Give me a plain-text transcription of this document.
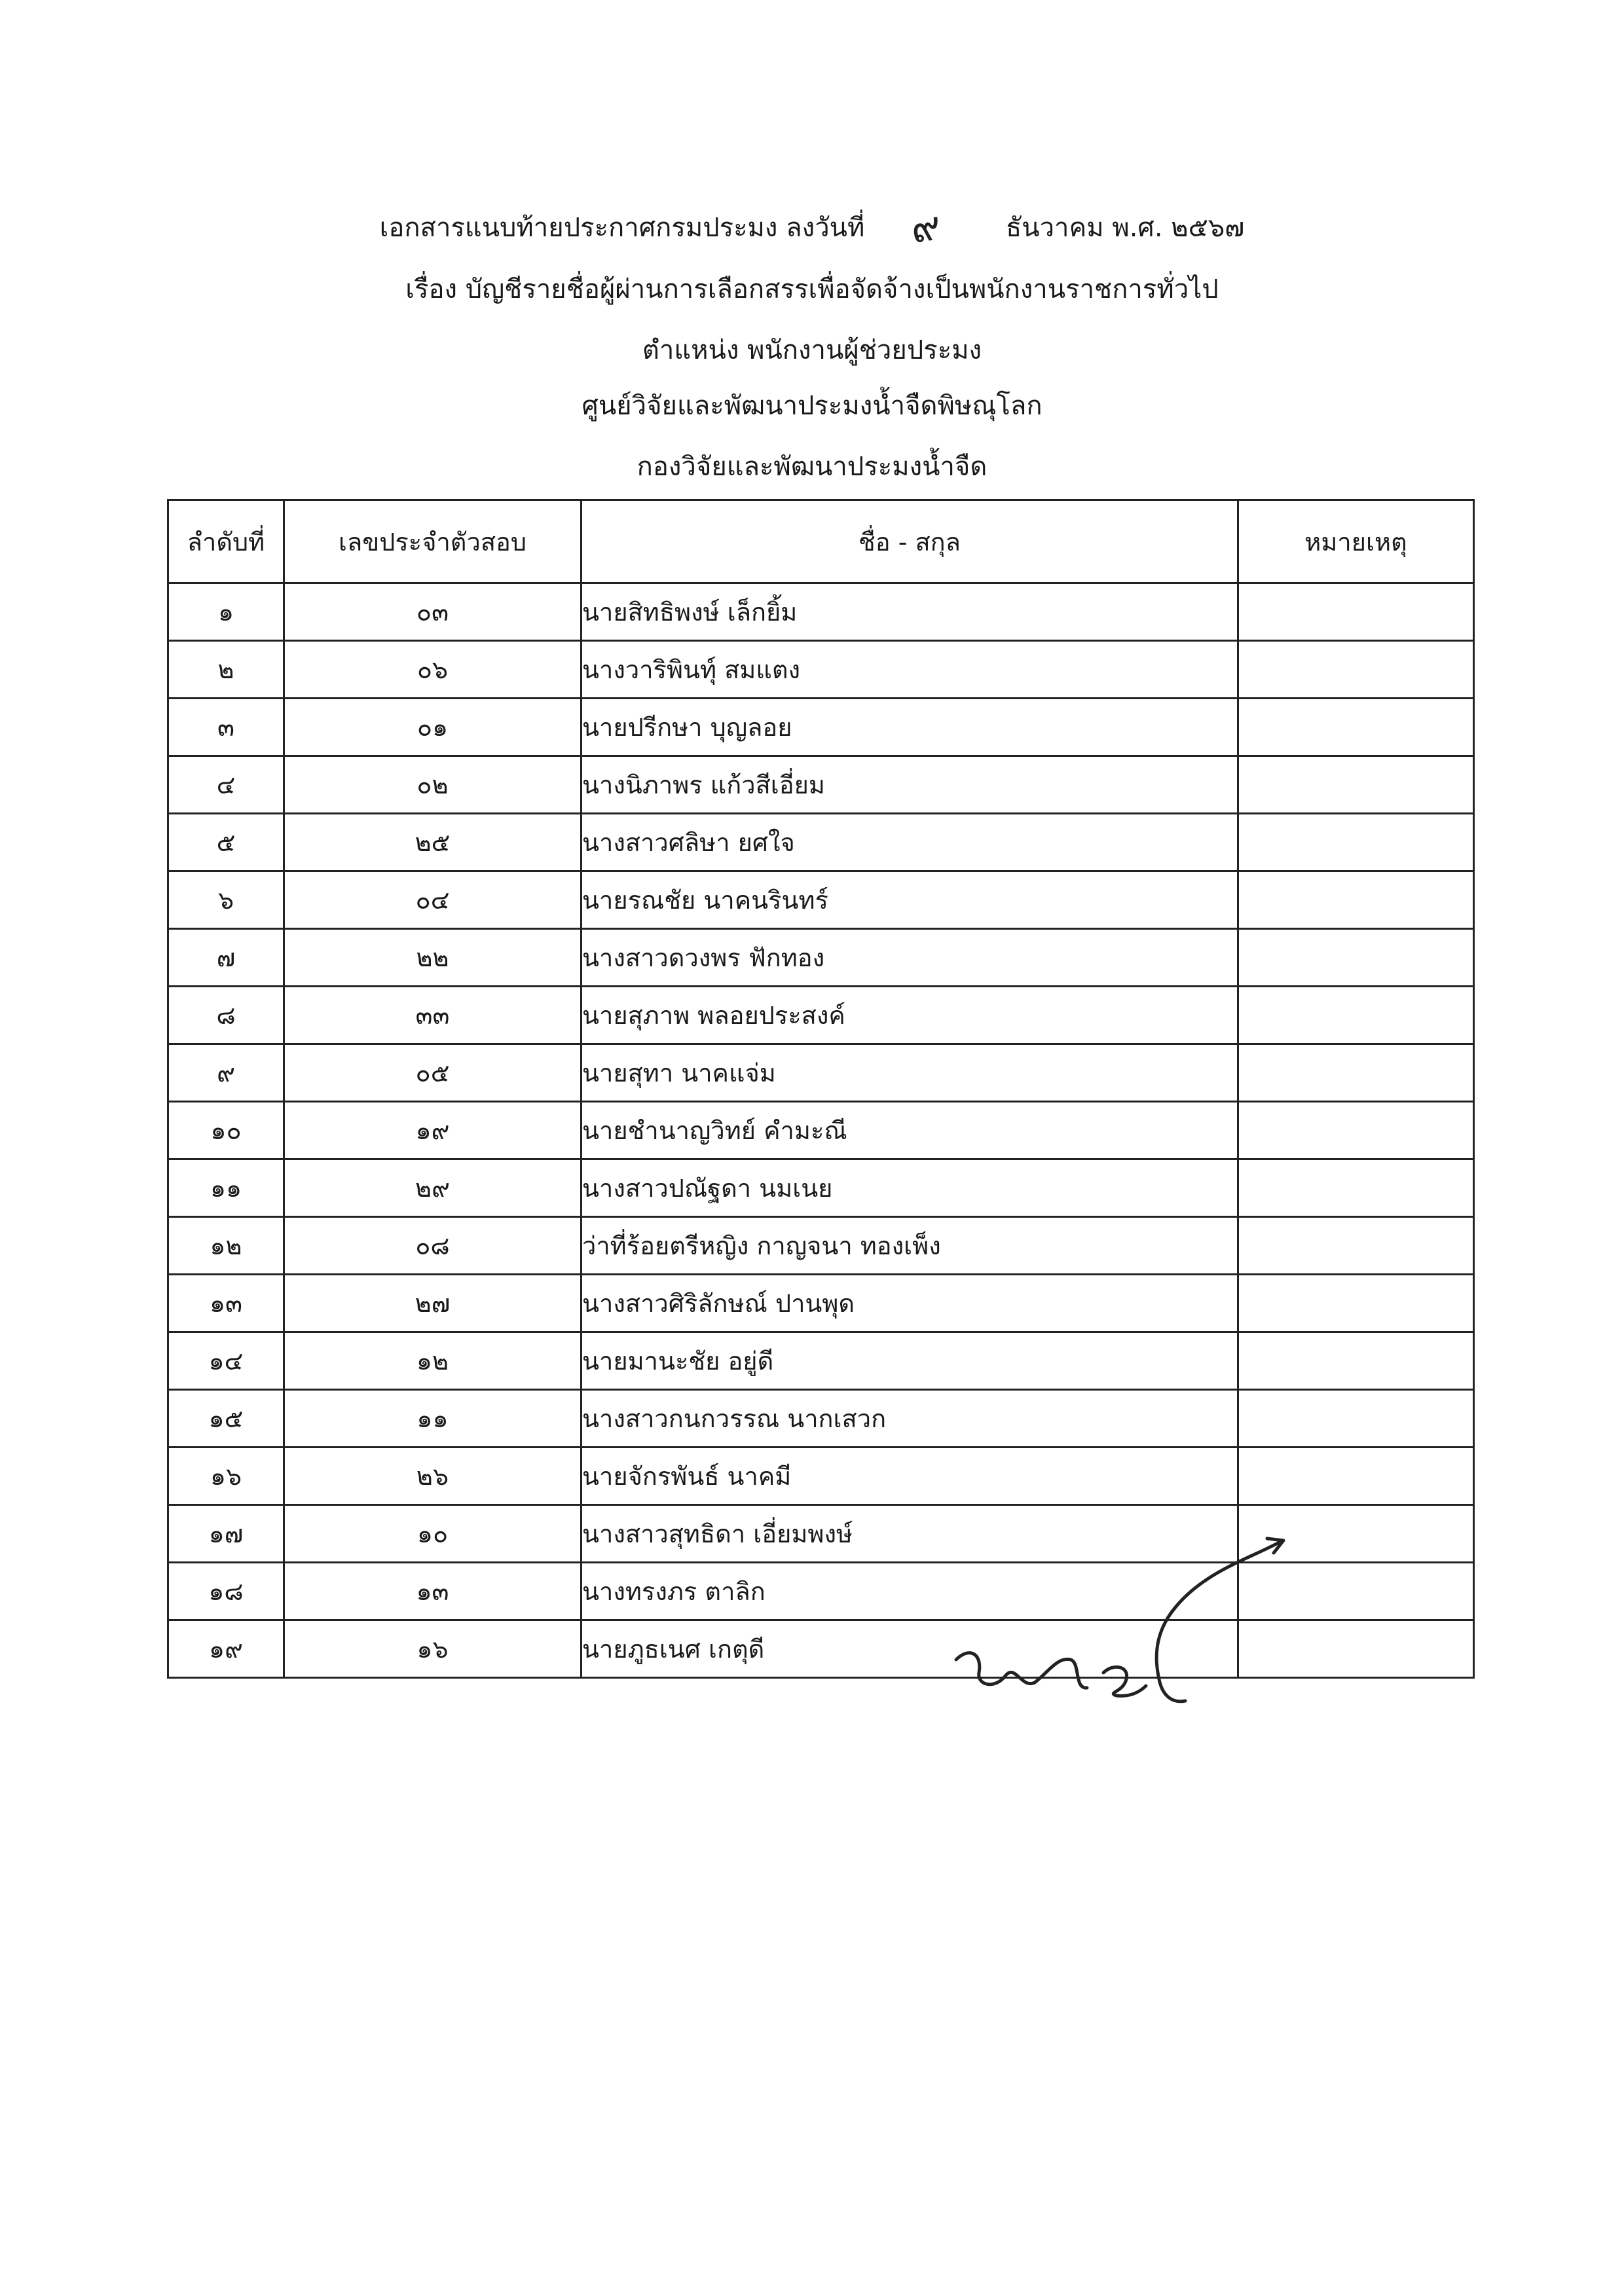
เอกสารแนบท้ายประกาศกรมประมง ลงวันที่	ธันวาคม พ.ศ. ๒๕๖๗
๙
เรื่อง บัญชีรายชื่อผู้ผ่านการเลือกสรรเพื่อจัดจ้างเป็นพนักงานราชการทั่วไป
ตำแหน่ง พนักงานผู้ช่วยประมง
ศูนย์วิจัยและพัฒนาประมงน้ำจืดพิษณุโลก
กองวิจัยและพัฒนาประมงน้ำจืด
ลำดับที่	เลขประจำตัวสอบ	ชื่อ - สกุล	หมายเหตุ
๑	๐๓	นายสิทธิพงษ์ เล็กยิ้ม	
๒	๐๖	นางวาริพินทุ์ สมแตง	
๓	๐๑	นายปรีกษา บุญลอย	
๔	๐๒	นางนิภาพร แก้วสีเอี่ยม	
๕	๒๕	นางสาวศลิษา ยศใจ	
๖	๐๔	นายรณชัย นาคนรินทร์	
๗	๒๒	นางสาวดวงพร ฟักทอง	
๘	๓๓	นายสุภาพ พลอยประสงค์	
๙	๐๕	นายสุทา นาคแจ่ม	
๑๐	๑๙	นายชำนาญวิทย์ คำมะณี	
๑๑	๒๙	นางสาวปณัฐดา นมเนย	
๑๒	๐๘	ว่าที่ร้อยตรีหญิง กาญจนา ทองเพ็ง	
๑๓	๒๗	นางสาวศิริลักษณ์ ปานพุด	
๑๔	๑๒	นายมานะชัย อยู่ดี	
๑๕	๑๑	นางสาวกนกวรรณ นากเสวก	
๑๖	๒๖	นายจักรพันธ์ นาคมี	
๑๗	๑๐	นางสาวสุทธิดา เอี่ยมพงษ์	
๑๘	๑๓	นางทรงภร ตาลิก	
๑๙	๑๖	นายภูธเนศ เกตุดี	
เหลา ๒
